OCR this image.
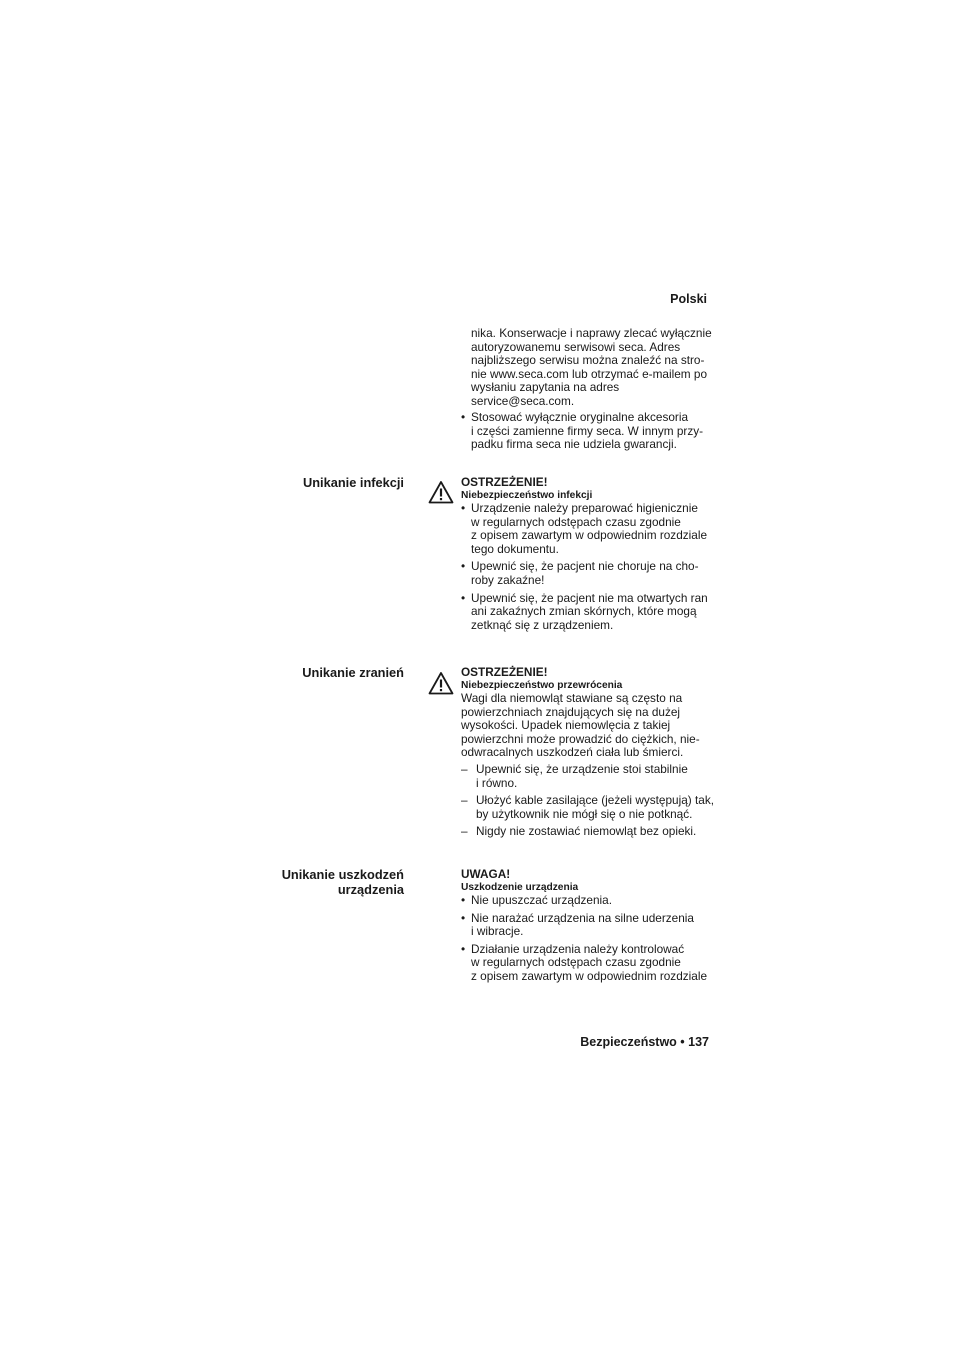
Polski
nika. Konserwacje i naprawy zlecać wyłącznie
autoryzowanemu serwisowi seca. Adres
najbliższego serwisu można znaleźć na stro-
nie www.seca.com lub otrzymać e-mailem po
wysłaniu zapytania na adres
service@seca.com.
• Stosować wyłącznie oryginalne akcesoria
i części zamienne firmy seca. W innym przy-
padku firma seca nie udziela gwarancji.
Unikanie infekcji	OSTRZEŻENIE!
Niebezpieczeństwo infekcji
• Urządzenie należy preparować higienicznie
w regularnych odstępach czasu zgodnie
z opisem zawartym w odpowiednim rozdziale
tego dokumentu.
• Upewnić się, że pacjent nie choruje na cho-
roby zakaźne!
• Upewnić się, że pacjent nie ma otwartych ran
ani zakaźnych zmian skórnych, które mogą
zetknąć się z urządzeniem.
Unikanie zranień	OSTRZEŻENIE!
Niebezpieczeństwo przewrócenia
Wagi dla niemowląt stawiane są często na
powierzchniach znajdujących się na dużej
wysokości. Upadek niemowlęcia z takiej
powierzchni może prowadzić do ciężkich, nie-
odwracalnych uszkodzeń ciała lub śmierci.
– Upewnić się, że urządzenie stoi stabilnie
i równo.
– Ułożyć kable zasilające (jeżeli występują) tak,
by użytkownik nie mógł się o nie potknąć.
– Nigdy nie zostawiać niemowląt bez opieki.
Unikanie uszkodzeń
urządzenia
UWAGA!
Uszkodzenie urządzenia
• Nie upuszczać urządzenia.
• Nie narażać urządzenia na silne uderzenia
i wibracje.
• Działanie urządzenia należy kontrolować
w regularnych odstępach czasu zgodnie
z opisem zawartym w odpowiednim rozdziale
Bezpieczeństwo • 137
